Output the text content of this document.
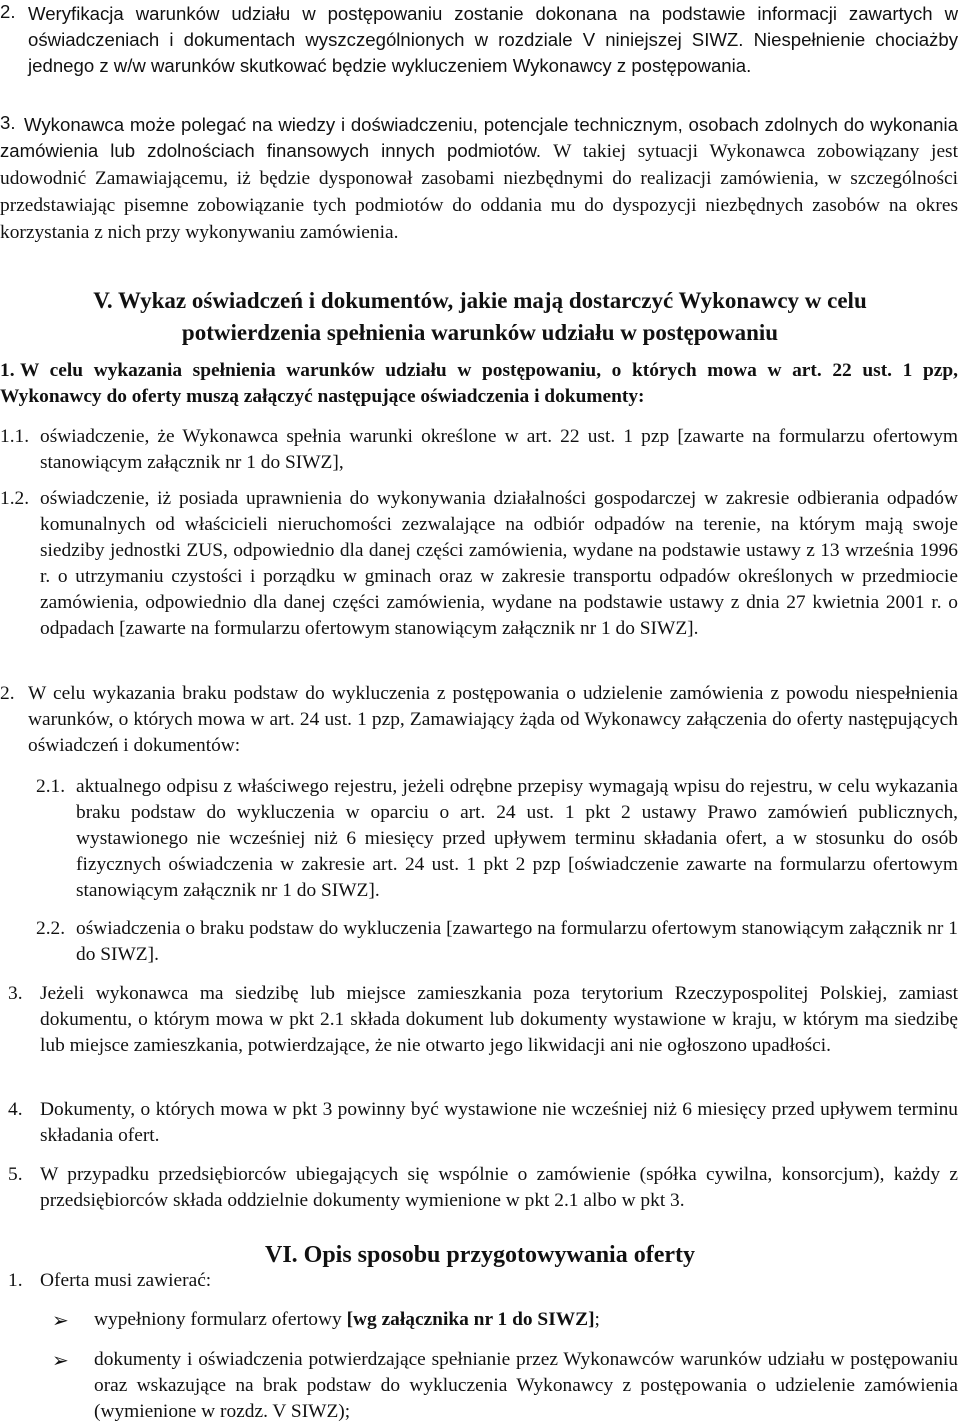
2. Weryfikacja warunków udziału w postępowaniu zostanie dokonana na podstawie informacji zawartych w oświadczeniach i dokumentach wyszczególnionych w rozdziale V niniejszej SIWZ. Niespełnienie chociażby jednego z w/w warunków skutkować będzie wykluczeniem Wykonawcy z postępowania.

3. Wykonawca może polegać na wiedzy i doświadczeniu, potencjale technicznym, osobach zdolnych do wykonania zamówienia lub zdolnościach finansowych innych podmiotów. W takiej sytuacji Wykonawca zobowiązany jest udowodnić Zamawiającemu, iż będzie dysponował zasobami niezbędnymi do realizacji zamówienia, w szczególności przedstawiając pisemne zobowiązanie tych podmiotów do oddania mu do dyspozycji niezbędnych zasobów na okres korzystania z nich przy wykonywaniu zamówienia.

V. Wykaz oświadczeń i dokumentów, jakie mają dostarczyć Wykonawcy w celu

potwierdzenia spełnienia warunków udziału w postępowaniu

W celu wykazania spełnienia warunków udziału w postępowaniu, o których mowa w art. 22 ust. 1 pzp, Wykonawcy do oferty muszą załączyć następujące oświadczenia i dokumenty:

1.
1.1. oświadczenie, że Wykonawca spełnia warunki określone w art. 22 ust. 1 pzp [zawarte na formularzu ofertowym stanowiącym załącznik nr 1 do SIWZ],

1.2. oświadczenie, iż posiada uprawnienia do wykonywania działalności gospodarczej w zakresie odbierania odpadów komunalnych od właścicieli nieruchomości zezwalające na odbiór odpadów na terenie, na którym mają swoje siedziby jednostki ZUS, odpowiednio dla danej części zamówienia, wydane na podstawie ustawy z 13 września 1996 r. o utrzymaniu czystości i porządku w gminach oraz w zakresie transportu odpadów określonych w przedmiocie zamówienia, odpowiednio dla danej części zamówienia, wydane na podstawie ustawy z dnia 27 kwietnia 2001 r. o odpadach [zawarte na formularzu ofertowym stanowiącym załącznik nr 1 do SIWZ].

2. W celu wykazania braku podstaw do wykluczenia z postępowania o udzielenie zamówienia z powodu niespełnienia warunków, o których mowa w art. 24 ust. 1 pzp, Zamawiający żąda od Wykonawcy załączenia do oferty następujących oświadczeń i dokumentów:

2.1. aktualnego odpisu z właściwego rejestru, jeżeli odrębne przepisy wymagają wpisu do rejestru, w celu wykazania braku podstaw do wykluczenia w oparciu o art. 24 ust. 1 pkt 2 ustawy Prawo zamówień publicznych, wystawionego nie wcześniej niż 6 miesięcy przed upływem terminu składania ofert, a w stosunku do osób fizycznych oświadczenia w zakresie art. 24 ust. 1 pkt 2 pzp [oświadczenie zawarte na formularzu ofertowym stanowiącym załącznik nr 1 do SIWZ].

2.2. oświadczenia o braku podstaw do wykluczenia [zawartego na formularzu ofertowym stanowiącym załącznik nr 1 do SIWZ].

3. Jeżeli wykonawca ma siedzibę lub miejsce zamieszkania poza terytorium Rzeczypospolitej Polskiej, zamiast dokumentu, o którym mowa w pkt 2.1 składa dokument lub dokumenty wystawione w kraju, w którym ma siedzibę lub miejsce zamieszkania, potwierdzające, że nie otwarto jego likwidacji ani nie ogłoszono upadłości.

4. Dokumenty, o których mowa w pkt 3 powinny być wystawione nie wcześniej niż 6 miesięcy przed upływem terminu składania ofert.

5. W przypadku przedsiębiorców ubiegających się wspólnie o zamówienie (spółka cywilna, konsorcjum), każdy z przedsiębiorców składa oddzielnie dokumenty wymienione w pkt 2.1 albo w pkt 3.

VI. Opis sposobu przygotowywania oferty

1. Oferta musi zawierać:
➢ wypełniony formularz ofertowy [wg załącznika nr 1 do SIWZ];

➢ dokumenty i oświadczenia potwierdzające spełnianie przez Wykonawców warunków udziału w postępowaniu oraz wskazujące na brak podstaw do wykluczenia Wykonawcy z postępowania o udzielenie zamówienia (wymienione w rozdz. V SIWZ);
